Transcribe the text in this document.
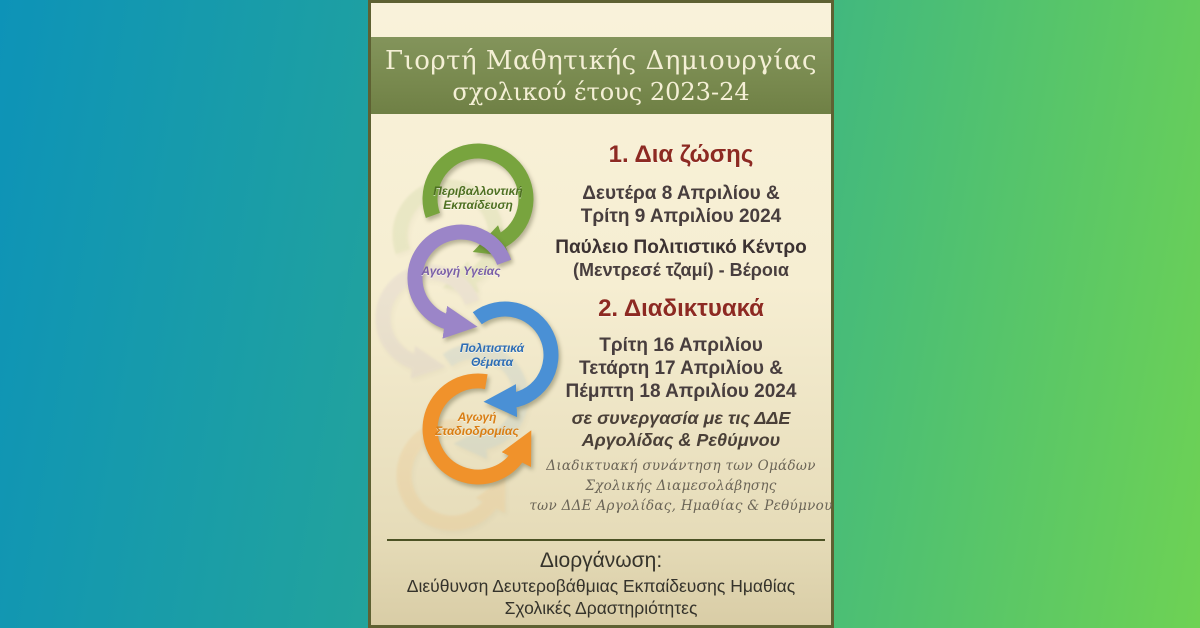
Γιορτή Μαθητικής Δημιουργίας
σχολικού έτους 2023-24
Περιβαλλοντική
Εκπαίδευση
Αγωγή Υγείας
Πολιτιστικά
Θέματα
Αγωγή
Σταδιοδρομίας
1. Δια ζώσης
Δευτέρα 8 Απριλίου &
Τρίτη 9 Απριλίου 2024
Παύλειο Πολιτιστικό Κέντρο
(Μεντρεσέ τζαμί) - Βέροια
2. Διαδικτυακά
Τρίτη 16 Απριλίου
Τετάρτη 17 Απριλίου &
Πέμπτη 18 Απριλίου 2024
σε συνεργασία με τις ΔΔΕ
Αργολίδας & Ρεθύμνου
Διαδικτυακή συνάντηση των Ομάδων
Σχολικής Διαμεσολάβησης
των ΔΔΕ Αργολίδας, Ημαθίας & Ρεθύμνου
Διοργάνωση:
Διεύθυνση Δευτεροβάθμιας Εκπαίδευσης Ημαθίας
Σχολικές Δραστηριότητες
